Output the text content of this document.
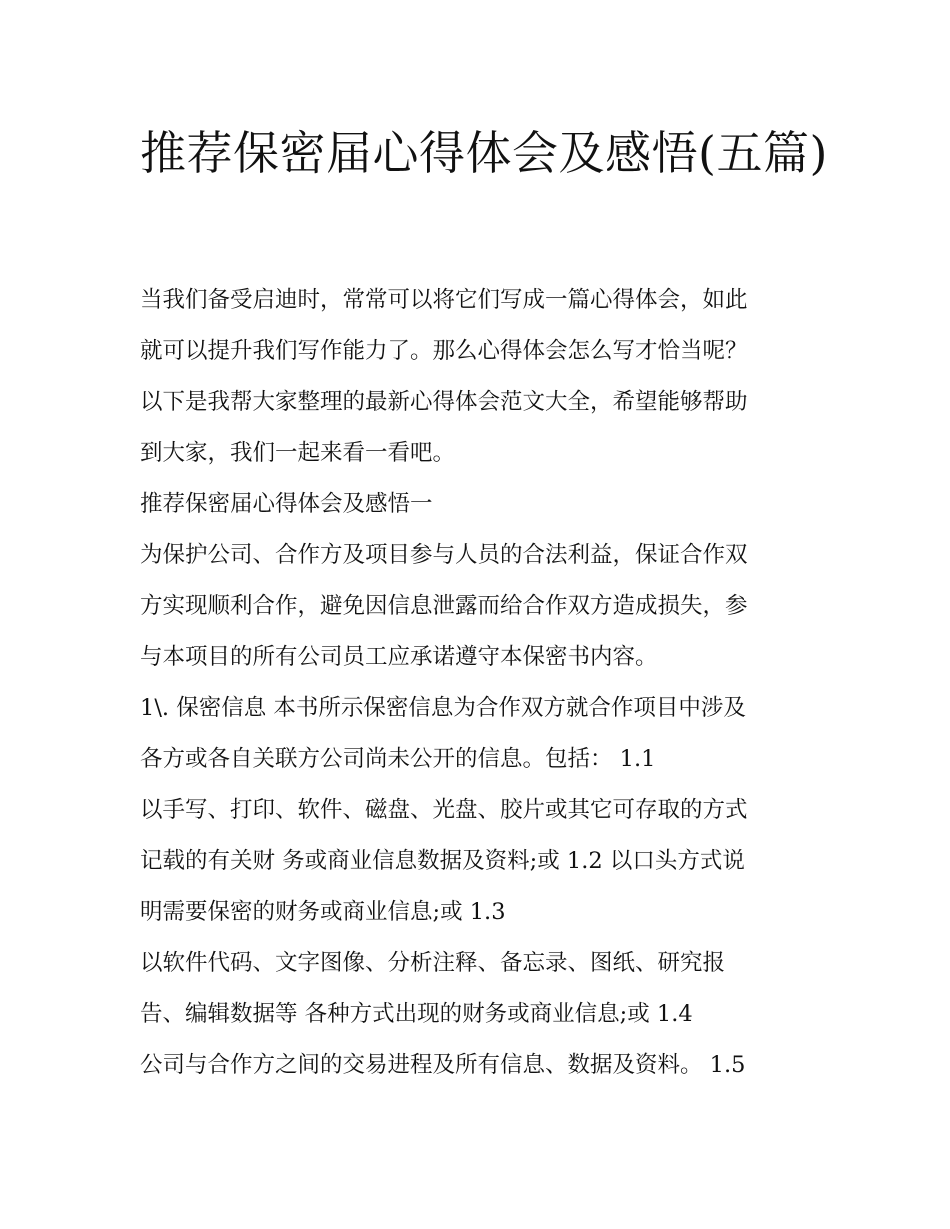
推荐保密届心得体会及感悟(五篇)
当我们备受启迪时，常常可以将它们写成一篇心得体会，如此
就可以提升我们写作能力了。那么心得体会怎么写才恰当呢？
以下是我帮大家整理的最新心得体会范文大全，希望能够帮助
到大家，我们一起来看一看吧。
推荐保密届心得体会及感悟一
为保护公司、合作方及项目参与人员的合法利益，保证合作双
方实现顺利合作，避免因信息泄露而给合作双方造成损失，参
与本项目的所有公司员工应承诺遵守本保密书内容。
1\. 保密信息 本书所示保密信息为合作双方就合作项目中涉及
各方或各自关联方公司尚未公开的信息。包括： 1.1
以手写、打印、软件、磁盘、光盘、胶片或其它可存取的方式
记载的有关财 务或商业信息数据及资料;或 1.2 以口头方式说
明需要保密的财务或商业信息;或 1.3
以软件代码、文字图像、分析注释、备忘录、图纸、研究报
告、编辑数据等 各种方式出现的财务或商业信息;或 1.4
公司与合作方之间的交易进程及所有信息、数据及资料。 1.5
